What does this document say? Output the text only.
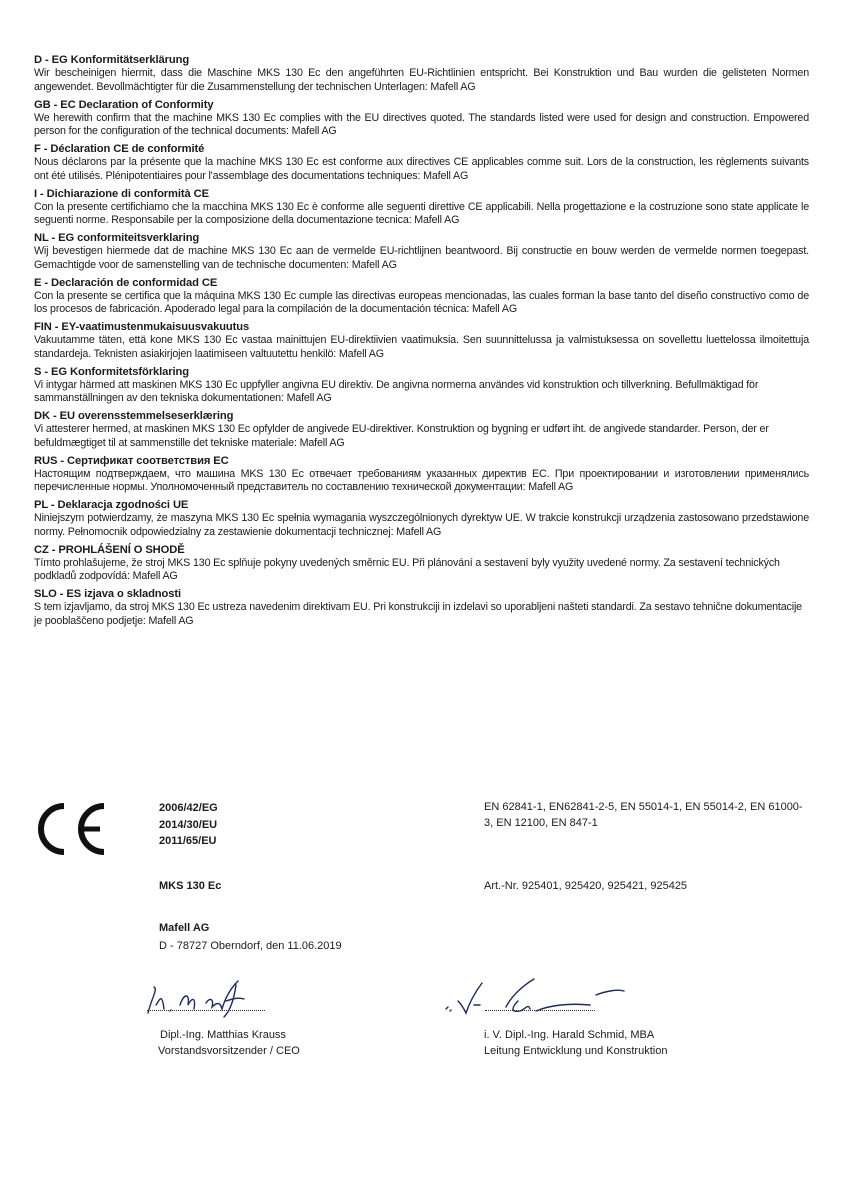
D - EG Konformitätserklärung
Wir bescheinigen hiermit, dass die Maschine MKS 130 Ec den angeführten EU-Richtlinien entspricht. Bei Konstruktion und Bau wurden die gelisteten Normen angewendet. Bevollmächtigter für die Zusammenstellung der technischen Unterlagen: Mafell AG
GB - EC Declaration of Conformity
We herewith confirm that the machine MKS 130 Ec complies with the EU directives quoted. The standards listed were used for design and construction. Empowered person for the configuration of the technical documents: Mafell AG
F - Déclaration CE de conformité
Nous déclarons par la présente que la machine MKS 130 Ec est conforme aux directives CE applicables comme suit. Lors de la construction, les règlements suivants ont été utilisés. Plénipotentiaires pour l'assemblage des documentations techniques: Mafell AG
I - Dichiarazione di conformità CE
Con la presente certifichiamo che la macchina MKS 130 Ec è conforme alle seguenti direttive CE applicabili. Nella progettazione e la costruzione sono state applicate le seguenti norme. Responsabile per la composizione della documentazione tecnica: Mafell AG
NL - EG conformiteitsverklaring
Wij bevestigen hiermede dat de machine MKS 130 Ec aan de vermelde EU-richtlijnen beantwoord. Bij constructie en bouw werden de vermelde normen toegepast. Gemachtigde voor de samenstelling van de technische documenten: Mafell AG
E - Declaración de conformidad CE
Con la presente se certifica que la máquina MKS 130 Ec cumple las directivas europeas mencionadas, las cuales forman la base tanto del diseño constructivo como de los procesos de fabricación. Apoderado legal para la compilación de la documentación técnica: Mafell AG
FIN - EY-vaatimustenmukaisuusvakuutus
Vakuutamme täten, että kone MKS 130 Ec vastaa mainittujen EU-direktiivien vaatimuksia. Sen suunnittelussa ja valmistuksessa on sovellettu luettelossa ilmoitettuja standardeja. Teknisten asiakirjojen laatimiseen valtuutettu henkilö: Mafell AG
S - EG Konformitetsförklaring
Vi intygar härmed att maskinen MKS 130 Ec uppfyller angivna EU direktiv. De angivna normerna användes vid konstruktion och tillverkning. Befullmäktigad för sammanställningen av den tekniska dokumentationen: Mafell AG
DK - EU overensstemmelseserklæring
Vi attesterer hermed, at maskinen MKS 130 Ec opfylder de angivede EU-direktiver. Konstruktion og bygning er udført iht. de angivede standarder. Person, der er befuldmægtiget til at sammenstille det tekniske materiale: Mafell AG
RUS - Сертификат соответствия ЕС
Настоящим подтверждаем, что машина MKS 130 Ec отвечает требованиям указанных директив ЕС. При проектировании и изготовлении применялись перечисленные нормы. Уполномоченный представитель по составлению технической документации: Mafell AG
PL - Deklaracja zgodności UE
Niniejszym potwierdzamy, że maszyna MKS 130 Ec spełnia wymagania wyszczególnionych dyrektyw UE. W trakcie konstrukcji urządzenia zastosowano przedstawione normy. Pełnomocnik odpowiedzialny za zestawienie dokumentacji technicznej: Mafell AG
CZ - PROHLÁŠENÍ O SHODĚ
Tímto prohlašujeme, že stroj MKS 130 Ec splňuje pokyny uvedených směrnic EU. Při plánování a sestavení byly využity uvedené normy. Za sestavení technických podkladů zodpovídá: Mafell AG
SLO - ES izjava o skladnosti
S tem izjavljamo, da stroj MKS 130 Ec ustreza navedenim direktivam EU. Pri konstrukciji in izdelavi so uporabljeni našteti standardi. Za sestavo tehnične dokumentacije je pooblaščeno podjetje: Mafell AG
2006/42/EG
2014/30/EU
2011/65/EU
EN 62841-1, EN62841-2-5, EN 55014-1, EN 55014-2, EN 61000-3, EN 12100, EN 847-1
MKS 130 Ec	Art.-Nr. 925401, 925420, 925421, 925425
Mafell AG
D - 78727 Oberndorf, den 11.06.2019
Dipl.-Ing. Matthias Krauss
Vorstandsvorsitzender / CEO
i. V. Dipl.-Ing. Harald Schmid, MBA
Leitung Entwicklung und Konstruktion
